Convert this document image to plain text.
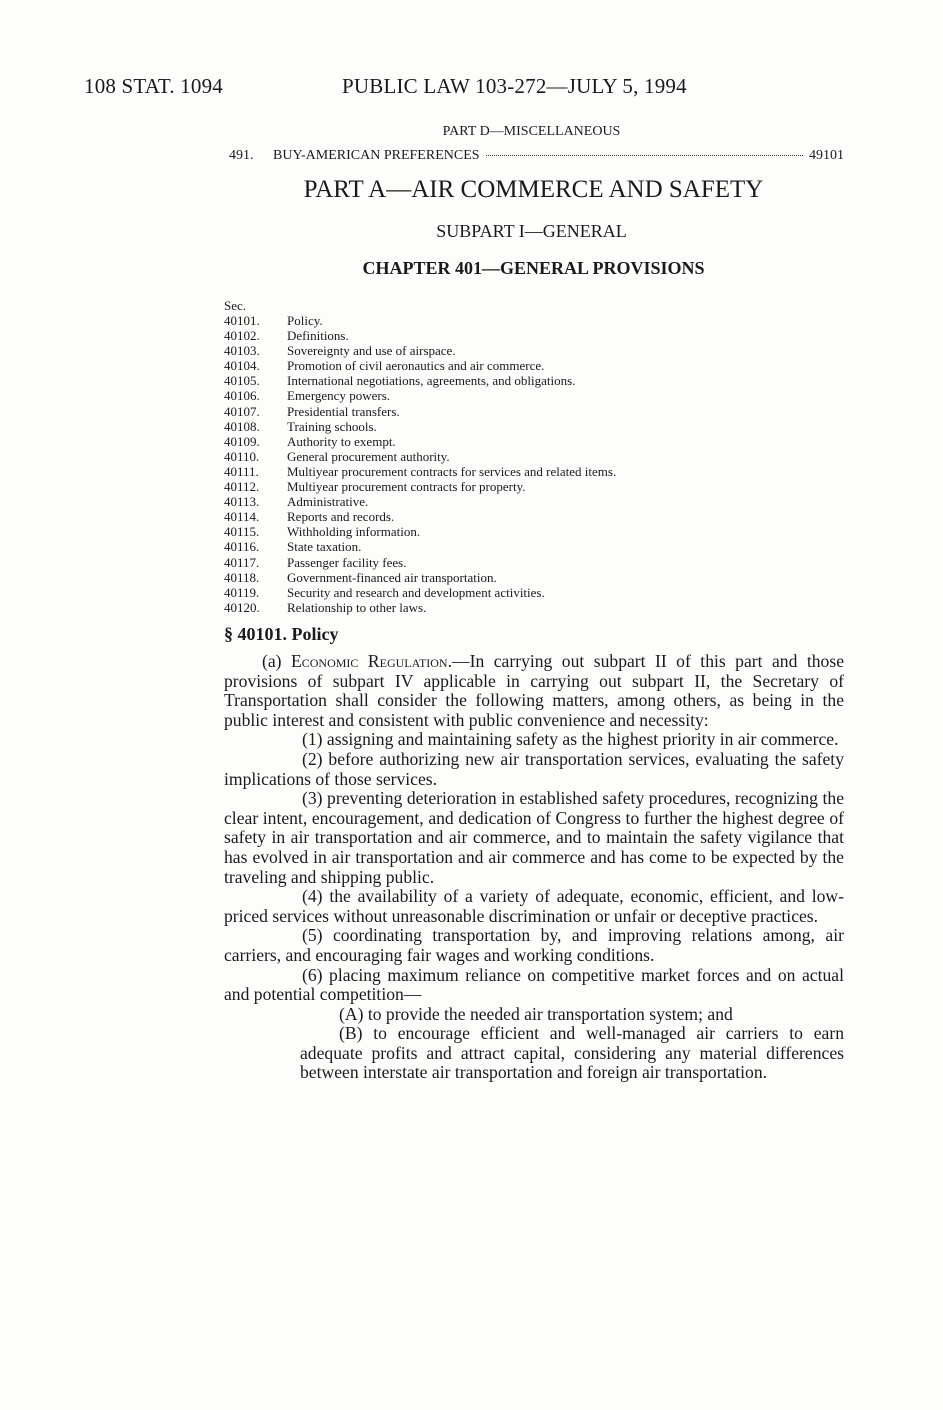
108 STAT. 1094	PUBLIC LAW 103-272—JULY 5, 1994
PART D—MISCELLANEOUS
491.	BUY-AMERICAN PREFERENCES	49101
PART A—AIR COMMERCE AND SAFETY
SUBPART I—GENERAL
CHAPTER 401—GENERAL PROVISIONS
Sec.
40101.	Policy.
40102.	Definitions.
40103.	Sovereignty and use of airspace.
40104.	Promotion of civil aeronautics and air commerce.
40105.	International negotiations, agreements, and obligations.
40106.	Emergency powers.
40107.	Presidential transfers.
40108.	Training schools.
40109.	Authority to exempt.
40110.	General procurement authority.
40111.	Multiyear procurement contracts for services and related items.
40112.	Multiyear procurement contracts for property.
40113.	Administrative.
40114.	Reports and records.
40115.	Withholding information.
40116.	State taxation.
40117.	Passenger facility fees.
40118.	Government-financed air transportation.
40119.	Security and research and development activities.
40120.	Relationship to other laws.
§ 40101. Policy

(a) Economic Regulation.—In carrying out subpart II of this part and those provisions of subpart IV applicable in carrying out subpart II, the Secretary of Transportation shall consider the following matters, among others, as being in the public interest and consistent with public convenience and necessity:

(1) assigning and maintaining safety as the highest priority in air commerce.

(2) before authorizing new air transportation services, evaluating the safety implications of those services.

(3) preventing deterioration in established safety procedures, recognizing the clear intent, encouragement, and dedication of Congress to further the highest degree of safety in air transportation and air commerce, and to maintain the safety vigilance that has evolved in air transportation and air commerce and has come to be expected by the traveling and shipping public.

(4) the availability of a variety of adequate, economic, efficient, and low-priced services without unreasonable discrimination or unfair or deceptive practices.

(5) coordinating transportation by, and improving relations among, air carriers, and encouraging fair wages and working conditions.

(6) placing maximum reliance on competitive market forces and on actual and potential competition—

(A) to provide the needed air transportation system; and

(B) to encourage efficient and well-managed air carriers to earn adequate profits and attract capital, considering any material differences between interstate air transportation and foreign air transportation.
